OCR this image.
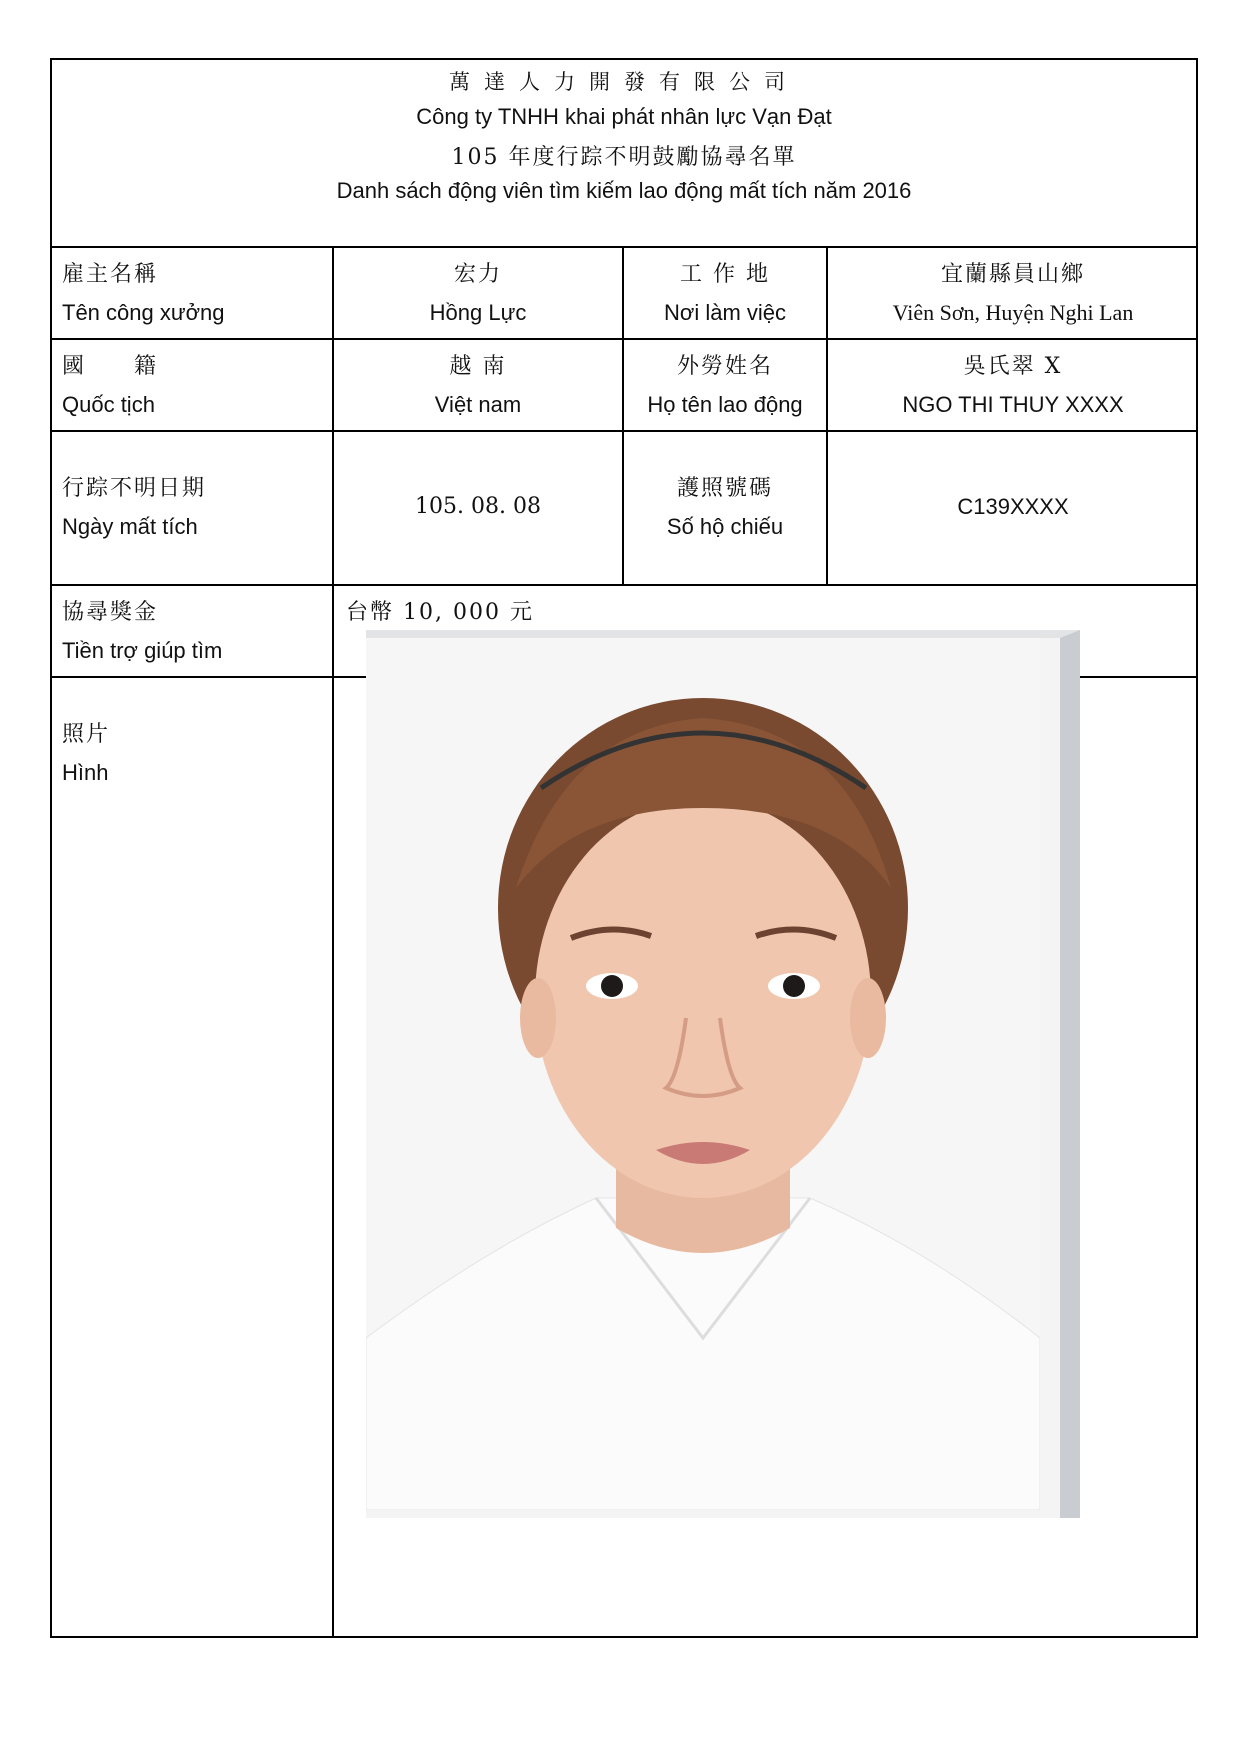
萬達人力開發有限公司
Công ty TNHH khai phát nhân lực Vạn Đạt
105 年度行踪不明鼓勵協尋名單
Danh sách động viên tìm kiếm lao động mất tích năm 2016
雇主名稱
Tên công xưởng
宏力
Hồng Lực
工 作 地
Nơi làm việc
宜蘭縣員山鄉
Viên Sơn, Huyện Nghi Lan
國　　籍
Quốc tịch
越 南
Việt nam
外勞姓名
Họ tên lao động
吳氏翠 X
NGO THI THUY XXXX
行踪不明日期
Ngày mất tích
105. 08. 08
護照號碼
Số hộ chiếu
C139XXXX
協尋獎金
Tiền trợ giúp tìm
台幣 10, 000 元
照片
Hình
